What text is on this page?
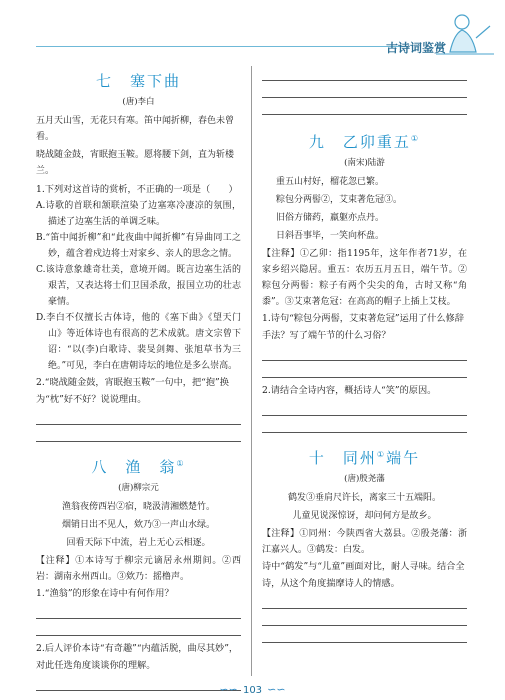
古诗词鉴赏
七　塞下曲
(唐)李白

五月天山雪，无花只有寒。笛中闻折柳，春色未曾看。

晓战随金鼓，宵眠抱玉鞍。愿将腰下剑，直为斩楼兰。

1.下列对这首诗的赏析，不正确的一项是（　　）

A.诗歌的首联和颔联渲染了边塞寒冷凄凉的氛围，描述了边塞生活的单调乏味。

B.“笛中闻折柳”和“此夜曲中闻折柳”有异曲同工之妙，蕴含着戍边将士对家乡、亲人的思念之情。

C.该诗意象雄奇壮美，意境开阔。既言边塞生活的艰苦，又表达将士们卫国杀敌，报国立功的壮志豪情。

D.李白不仅擅长古体诗，他的《塞下曲》《望天门山》等近体诗也有很高的艺术成就。唐文宗曾下诏：“以(李)白歌诗、裴旻剑舞、张旭草书为三绝。”可见，李白在唐朝诗坛的地位是多么崇高。

2.“晓战随金鼓，宵眠抱玉鞍”一句中，把“抱”换为“枕”好不好？说说理由。

八　渔　翁①
(唐)柳宗元

渔翁夜傍西岩②宿，晓汲清湘燃楚竹。

烟销日出不见人，欸乃③一声山水绿。

回看天际下中流，岩上无心云相逐。

【注释】①本诗写于柳宗元谪居永州期间。②西岩：湖南永州西山。③欸乃：摇橹声。

1.“渔翁”的形象在诗中有何作用？

2.后人评价本诗“有奇趣”“内蕴活脱，曲尽其妙”，对此任选角度谈谈你的理解。

九　乙卯重五①
(南宋)陆游

重五山村好，榴花忽已繁。

粽包分两髻②，艾束著危冠③。

旧俗方储药，羸躯亦点丹。

日斜吾事毕，一笑向杯盘。

【注释】①乙卯：指1195年，这年作者71岁，在家乡绍兴隐居。重五：农历五月五日，端午节。②粽包分两髻：粽子有两个尖尖的角，古时又称“角黍”。③艾束著危冠：在高高的帽子上插上艾枝。

1.诗句“粽包分两髻，艾束著危冠”运用了什么修辞手法？写了端午节的什么习俗？

2.请结合全诗内容，概括诗人“笑”的原因。

十　同州①端午
(唐)殷尧藩

鹤发③垂肩尺许长，离家三十五端阳。

儿童见说深惊讶，却问何方是故乡。

【注释】①同州：今陕西省大荔县。②殷尧藩：浙江嘉兴人。③鹤发：白发。

诗中“鹤发”与“儿童”画面对比，耐人寻味。结合全诗，从这个角度揣摩诗人的情感。

∽∽ 103 ∽∽
